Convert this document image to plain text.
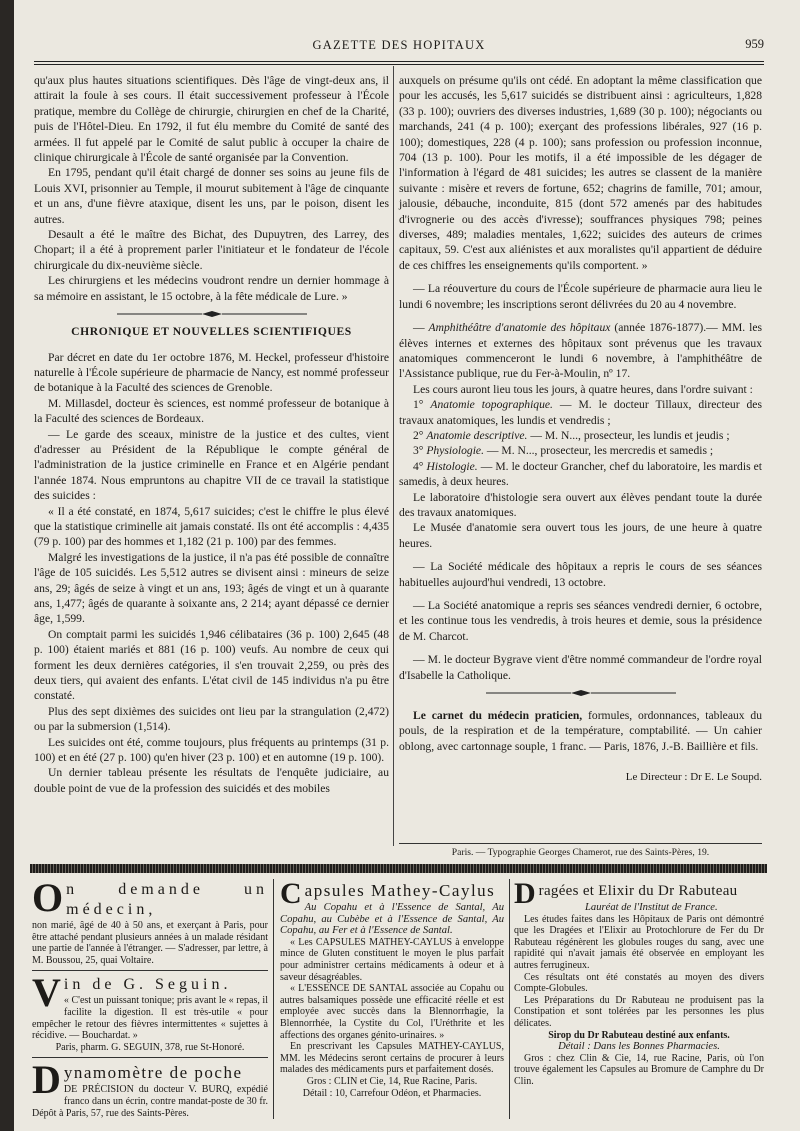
GAZETTE DES HOPITAUX	959

qu'aux plus hautes situations scientifiques. Dès l'âge de vingt-deux ans, il attirait la foule à ses cours. Il était successivement professeur à l'École pratique, membre du Collège de chirurgie, chirurgien en chef de la Charité, puis de l'Hôtel-Dieu. En 1792, il fut élu membre du Comité de santé des armées. Il fut appelé par le Comité de salut public à occuper la chaire de clinique chirurgicale à l'École de santé organisée par la Convention.

En 1795, pendant qu'il était chargé de donner ses soins au jeune fils de Louis XVI, prisonnier au Temple, il mourut subitement à l'âge de cinquante et un ans, d'une fièvre ataxique, disent les uns, par le poison, disent les autres.

Desault a été le maître des Bichat, des Dupuytren, des Larrey, des Chopart; il a été à proprement parler l'initiateur et le fondateur de l'école chirurgicale du dix-neuvième siècle.

Les chirurgiens et les médecins voudront rendre un dernier hommage à sa mémoire en assistant, le 15 octobre, à la fête médicale de Lure. »

CHRONIQUE ET NOUVELLES SCIENTIFIQUES

Par décret en date du 1er octobre 1876, M. Heckel, professeur d'histoire naturelle à l'École supérieure de pharmacie de Nancy, est nommé professeur de botanique à la Faculté des sciences de Grenoble.

M. Millasdel, docteur ès sciences, est nommé professeur de botanique à la Faculté des sciences de Bordeaux.

— Le garde des sceaux, ministre de la justice et des cultes, vient d'adresser au Président de la République le compte général de l'administration de la justice criminelle en France et en Algérie pendant l'année 1874. Nous empruntons au chapitre VII de ce travail la statistique des suicides :

« Il a été constaté, en 1874, 5,617 suicides; c'est le chiffre le plus élevé que la statistique criminelle ait jamais constaté. Ils ont été accomplis : 4,435 (79 p. 100) par des hommes et 1,182 (21 p. 100) par des femmes.

Malgré les investigations de la justice, il n'a pas été possible de connaître l'âge de 105 suicidés. Les 5,512 autres se divisent ainsi : mineurs de seize ans, 29; âgés de seize à vingt et un ans, 193; âgés de vingt et un à quarante ans, 1,477; âgés de quarante à soixante ans, 2 214; ayant dépassé ce dernier âge, 1,599.

On comptait parmi les suicidés 1,946 célibataires (36 p. 100) 2,645 (48 p. 100) étaient mariés et 881 (16 p. 100) veufs. Au nombre de ceux qui forment les deux dernières catégories, il s'en trouvait 2,259, ou près des deux tiers, qui avaient des enfants. L'état civil de 145 individus n'a pu être constaté.

Plus des sept dixièmes des suicides ont lieu par la strangulation (2,472) ou par la submersion (1,514).

Les suicides ont été, comme toujours, plus fréquents au printemps (31 p. 100) et en été (27 p. 100) qu'en hiver (23 p. 100) et en automne (19 p. 100).

Un dernier tableau présente les résultats de l'enquête judiciaire, au double point de vue de la profession des suicidés et des mobiles

auxquels on présume qu'ils ont cédé. En adoptant la même classification que pour les accusés, les 5,617 suicidés se distribuent ainsi : agriculteurs, 1,828 (33 p. 100); ouvriers des diverses industries, 1,689 (30 p. 100); négociants ou marchands, 241 (4 p. 100); exerçant des professions libérales, 927 (16 p. 100); domestiques, 228 (4 p. 100); sans profession ou profession inconnue, 704 (13 p. 100). Pour les motifs, il a été impossible de les dégager de l'information à l'égard de 481 suicides; les autres se classent de la manière suivante : misère et revers de fortune, 652; chagrins de famille, 701; amour, jalousie, débauche, inconduite, 815 (dont 572 amenés par des habitudes d'ivrognerie ou des accès d'ivresse); souffrances physiques 798; peines diverses, 489; maladies mentales, 1,622; suicides des auteurs de crimes capitaux, 59. C'est aux aliénistes et aux moralistes qu'il appartient de déduire de ces chiffres les enseignements qu'ils comportent. »

— La réouverture du cours de l'École supérieure de pharmacie aura lieu le lundi 6 novembre; les inscriptions seront délivrées du 20 au 4 novembre.

— Amphithéâtre d'anatomie des hôpitaux (année 1876-1877).— MM. les élèves internes et externes des hôpitaux sont prévenus que les travaux anatomiques commenceront le lundi 6 novembre, à l'amphithéâtre de l'Assistance publique, rue du Fer-à-Moulin, nº 17.

Les cours auront lieu tous les jours, à quatre heures, dans l'ordre suivant :

1° Anatomie topographique. — M. le docteur Tillaux, directeur des travaux anatomiques, les lundis et vendredis ;

2° Anatomie descriptive. — M. N..., prosecteur, les lundis et jeudis ;

3° Physiologie. — M. N..., prosecteur, les mercredis et samedis ;

4° Histologie. — M. le docteur Grancher, chef du laboratoire, les mardis et samedis, à deux heures.

Le laboratoire d'histologie sera ouvert aux élèves pendant toute la durée des travaux anatomiques.

Le Musée d'anatomie sera ouvert tous les jours, de une heure à quatre heures.

— La Société médicale des hôpitaux a repris le cours de ses séances habituelles aujourd'hui vendredi, 13 octobre.

— La Société anatomique a repris ses séances vendredi dernier, 6 octobre, et les continue tous les vendredis, à trois heures et demie, sous la présidence de M. Charcot.

— M. le docteur Bygrave vient d'être nommé commandeur de l'ordre royal d'Isabelle la Catholique.

Le carnet du médecin praticien, formules, ordonnances, tableaux du pouls, de la respiration et de la température, comptabilité. — Un cahier oblong, avec cartonnage souple, 1 franc. — Paris, 1876, J.-B. Baillière et fils.

Le Directeur : Dr E. Le Soupd.
Paris. — Typographie Georges Chamerot, rue des Saints-Pères, 19.
O n demande un médecin,
non marié, âgé de 40 à 50 ans, et exerçant à Paris, pour être attaché pendant plusieurs années à un malade résidant une partie de l'année à l'étranger. — S'adresser, par lettre, à M. Boussou, 25, quai Voltaire.
V in de G. Seguin.
« C'est un puissant tonique; pris avant le « repas, il facilite la digestion. Il est très-utile « pour empêcher le retour des fièvres intermittentes « sujettes à récidive. — Bouchardat. »
Paris, pharm. G. SEGUIN, 378, rue St-Honoré.
D ynamomètre de poche
DE PRÉCISION du docteur V. BURQ, expédié franco dans un écrin, contre mandat-poste de 30 fr. Dépôt à Paris, 57, rue des Saints-Pères.
C apsules Mathey-Caylus
Au Copahu et à l'Essence de Santal, Au Copahu, au Cubèbe et à l'Essence de Santal, Au Copahu, au Fer et à l'Essence de Santal.

« Les CAPSULES MATHEY-CAYLUS à enveloppe mince de Gluten constituent le moyen le plus parfait pour administrer certains médicaments à odeur et à saveur désagréables.

« L'ESSENCE DE SANTAL associée au Copahu ou autres balsamiques possède une efficacité réelle et est employée avec succès dans la Blennorrhagie, la Blennorrhée, la Cystite du Col, l'Uréthrite et les affections des organes génito-urinaires. »

En prescrivant les Capsules MATHEY-CAYLUS, MM. les Médecins seront certains de procurer à leurs malades des médicaments purs et parfaitement dosés.

Gros : CLIN et Cie, 14, Rue Racine, Paris.
Détail : 10, Carrefour Odéon, et Pharmacies.
D ragées et Elixir du Dr Rabuteau
Lauréat de l'Institut de France.

Les études faites dans les Hôpitaux de Paris ont démontré que les Dragées et l'Elixir au Protochlorure de Fer du Dr Rabuteau régénèrent les globules rouges du sang, avec une rapidité qui n'avait jamais été observée en employant les autres ferrugineux.

Ces résultats ont été constatés au moyen des divers Compte-Globules.

Les Préparations du Dr Rabuteau ne produisent pas la Constipation et sont tolérées par les personnes les plus délicates.

Sirop du Dr Rabuteau destiné aux enfants.
Détail : Dans les Bonnes Pharmacies.

Gros : chez Clin & Cie, 14, rue Racine, Paris, où l'on trouve également les Capsules au Bromure de Camphre du Dr Clin.
